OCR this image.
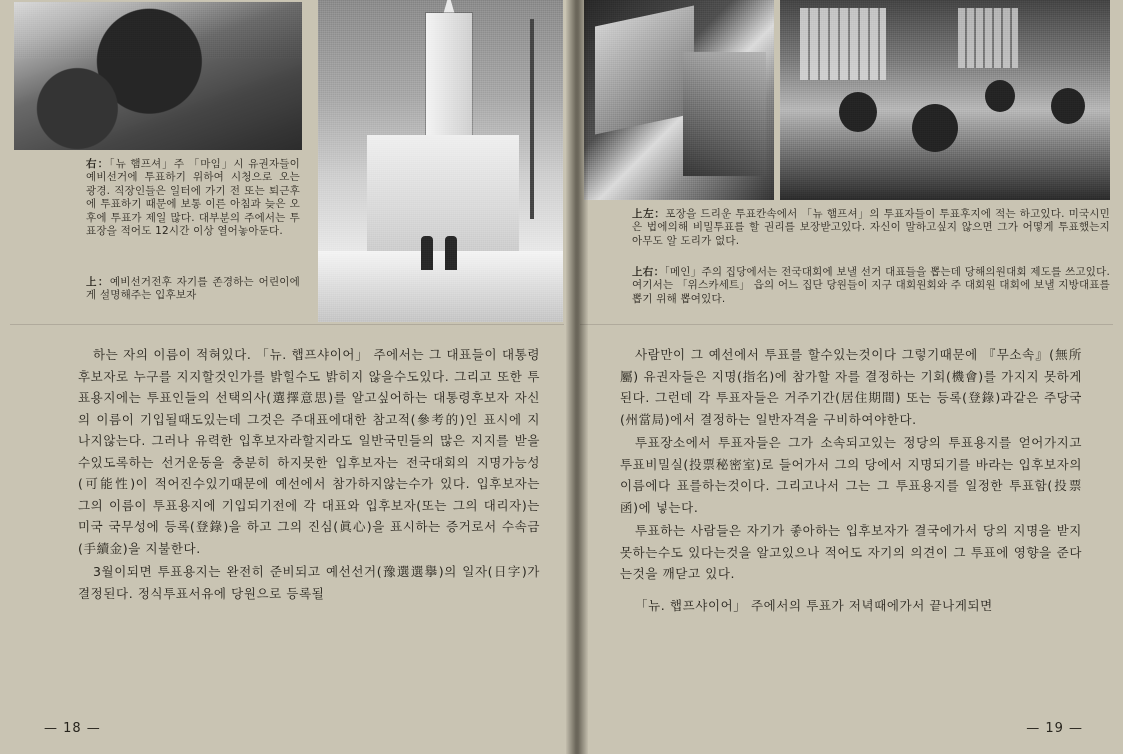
右：「뉴 햄프셔」주 「마임」시 유권자들이 예비선거에 투표하기 위하여 시청으로 오는 광경. 직장인들은 일터에 가기 전 또는 퇴근후에 투표하기 때문에 보통 이른 아침과 늦은 오후에 투표가 제일 많다. 대부분의 주에서는 투표장을 적어도 12시간 이상 열어놓아둔다.
上：예비선거전후 자기를 존경하는 어린이에게 설명해주는 입후보자

하는 자의 이름이 적혀있다. 「뉴. 햅프샤이어」 주에서는 그 대표들이 대통령후보자로 누구를 지지할것인가를 밝힐수도 밝히지 않을수도있다. 그리고 또한 투표용지에는 투표인들의 선택의사(選擇意思)를 알고싶어하는 대통령후보자 자신의 이름이 기입될때도있는데 그것은 주대표에대한 참고적(參考的)인 표시에 지나지않는다. 그러나 유력한 입후보자라할지라도 일반국민들의 많은 지지를 받을수있도록하는 선거운동을 충분히 하지못한 입후보자는 전국대회의 지명가능성(可能性)이 적어진수있기때문에 예선에서 참가하지않는수가 있다. 입후보자는 그의 이름이 투표용지에 기입되기전에 각 대표와 입후보자(또는 그의 대리자)는 미국 국무성에 등록(登錄)을 하고 그의 진심(眞心)을 표시하는 증거로서 수속금(手續金)을 지불한다.

3월이되면 투표용지는 완전히 준비되고 예선선거(豫選選擧)의 일자(日字)가 결정된다. 정식투표서유에 당원으로 등록될

— 18 —
上左：포장을 드리운 투표칸속에서 「뉴 햄프셔」의 투표자들이 투표후지에 적는 하고있다. 미국시민은 법에의해 비밀투표를 할 권리를 보장받고있다. 자신이 말하고싶지 않으면 그가 어떻게 투표했는지 아무도 알 도리가 없다.
上右：「메인」주의 집당에서는 전국대회에 보낼 선거 대표들을 뽑는데 당해의원대회 제도를 쓰고있다. 여기서는 「위스카세트」 읍의 어느 집단 당원들이 지구 대회원회와 주 대회원 대회에 보낼 지방대표를 뽑기 위해 뽑여있다.

사람만이 그 예선에서 투표를 할수있는것이다 그렇기때문에 『무소속』(無所屬) 유권자들은 지명(指名)에 참가할 자를 결정하는 기회(機會)를 가지지 못하게된다. 그런데 각 투표자들은 거주기간(居住期間) 또는 등록(登錄)과같은 주당국(州當局)에서 결정하는 일반자격을 구비하여야한다.

투표장소에서 투표자들은 그가 소속되고있는 정당의 투표용지를 얻어가지고 투표비밀실(投票秘密室)로 들어가서 그의 당에서 지명되기를 바라는 입후보자의 이름에다 표를하는것이다. 그리고나서 그는 그 투표용지를 일정한 투표함(投票函)에 넣는다.

투표하는 사람들은 자기가 좋아하는 입후보자가 결국에가서 당의 지명을 받지못하는수도 있다는것을 알고있으나 적어도 자기의 의견이 그 투표에 영향을 준다는것을 깨닫고 있다.

「뉴. 햅프샤이어」 주에서의 투표가 저녁때에가서 끝나게되면

— 19 —
